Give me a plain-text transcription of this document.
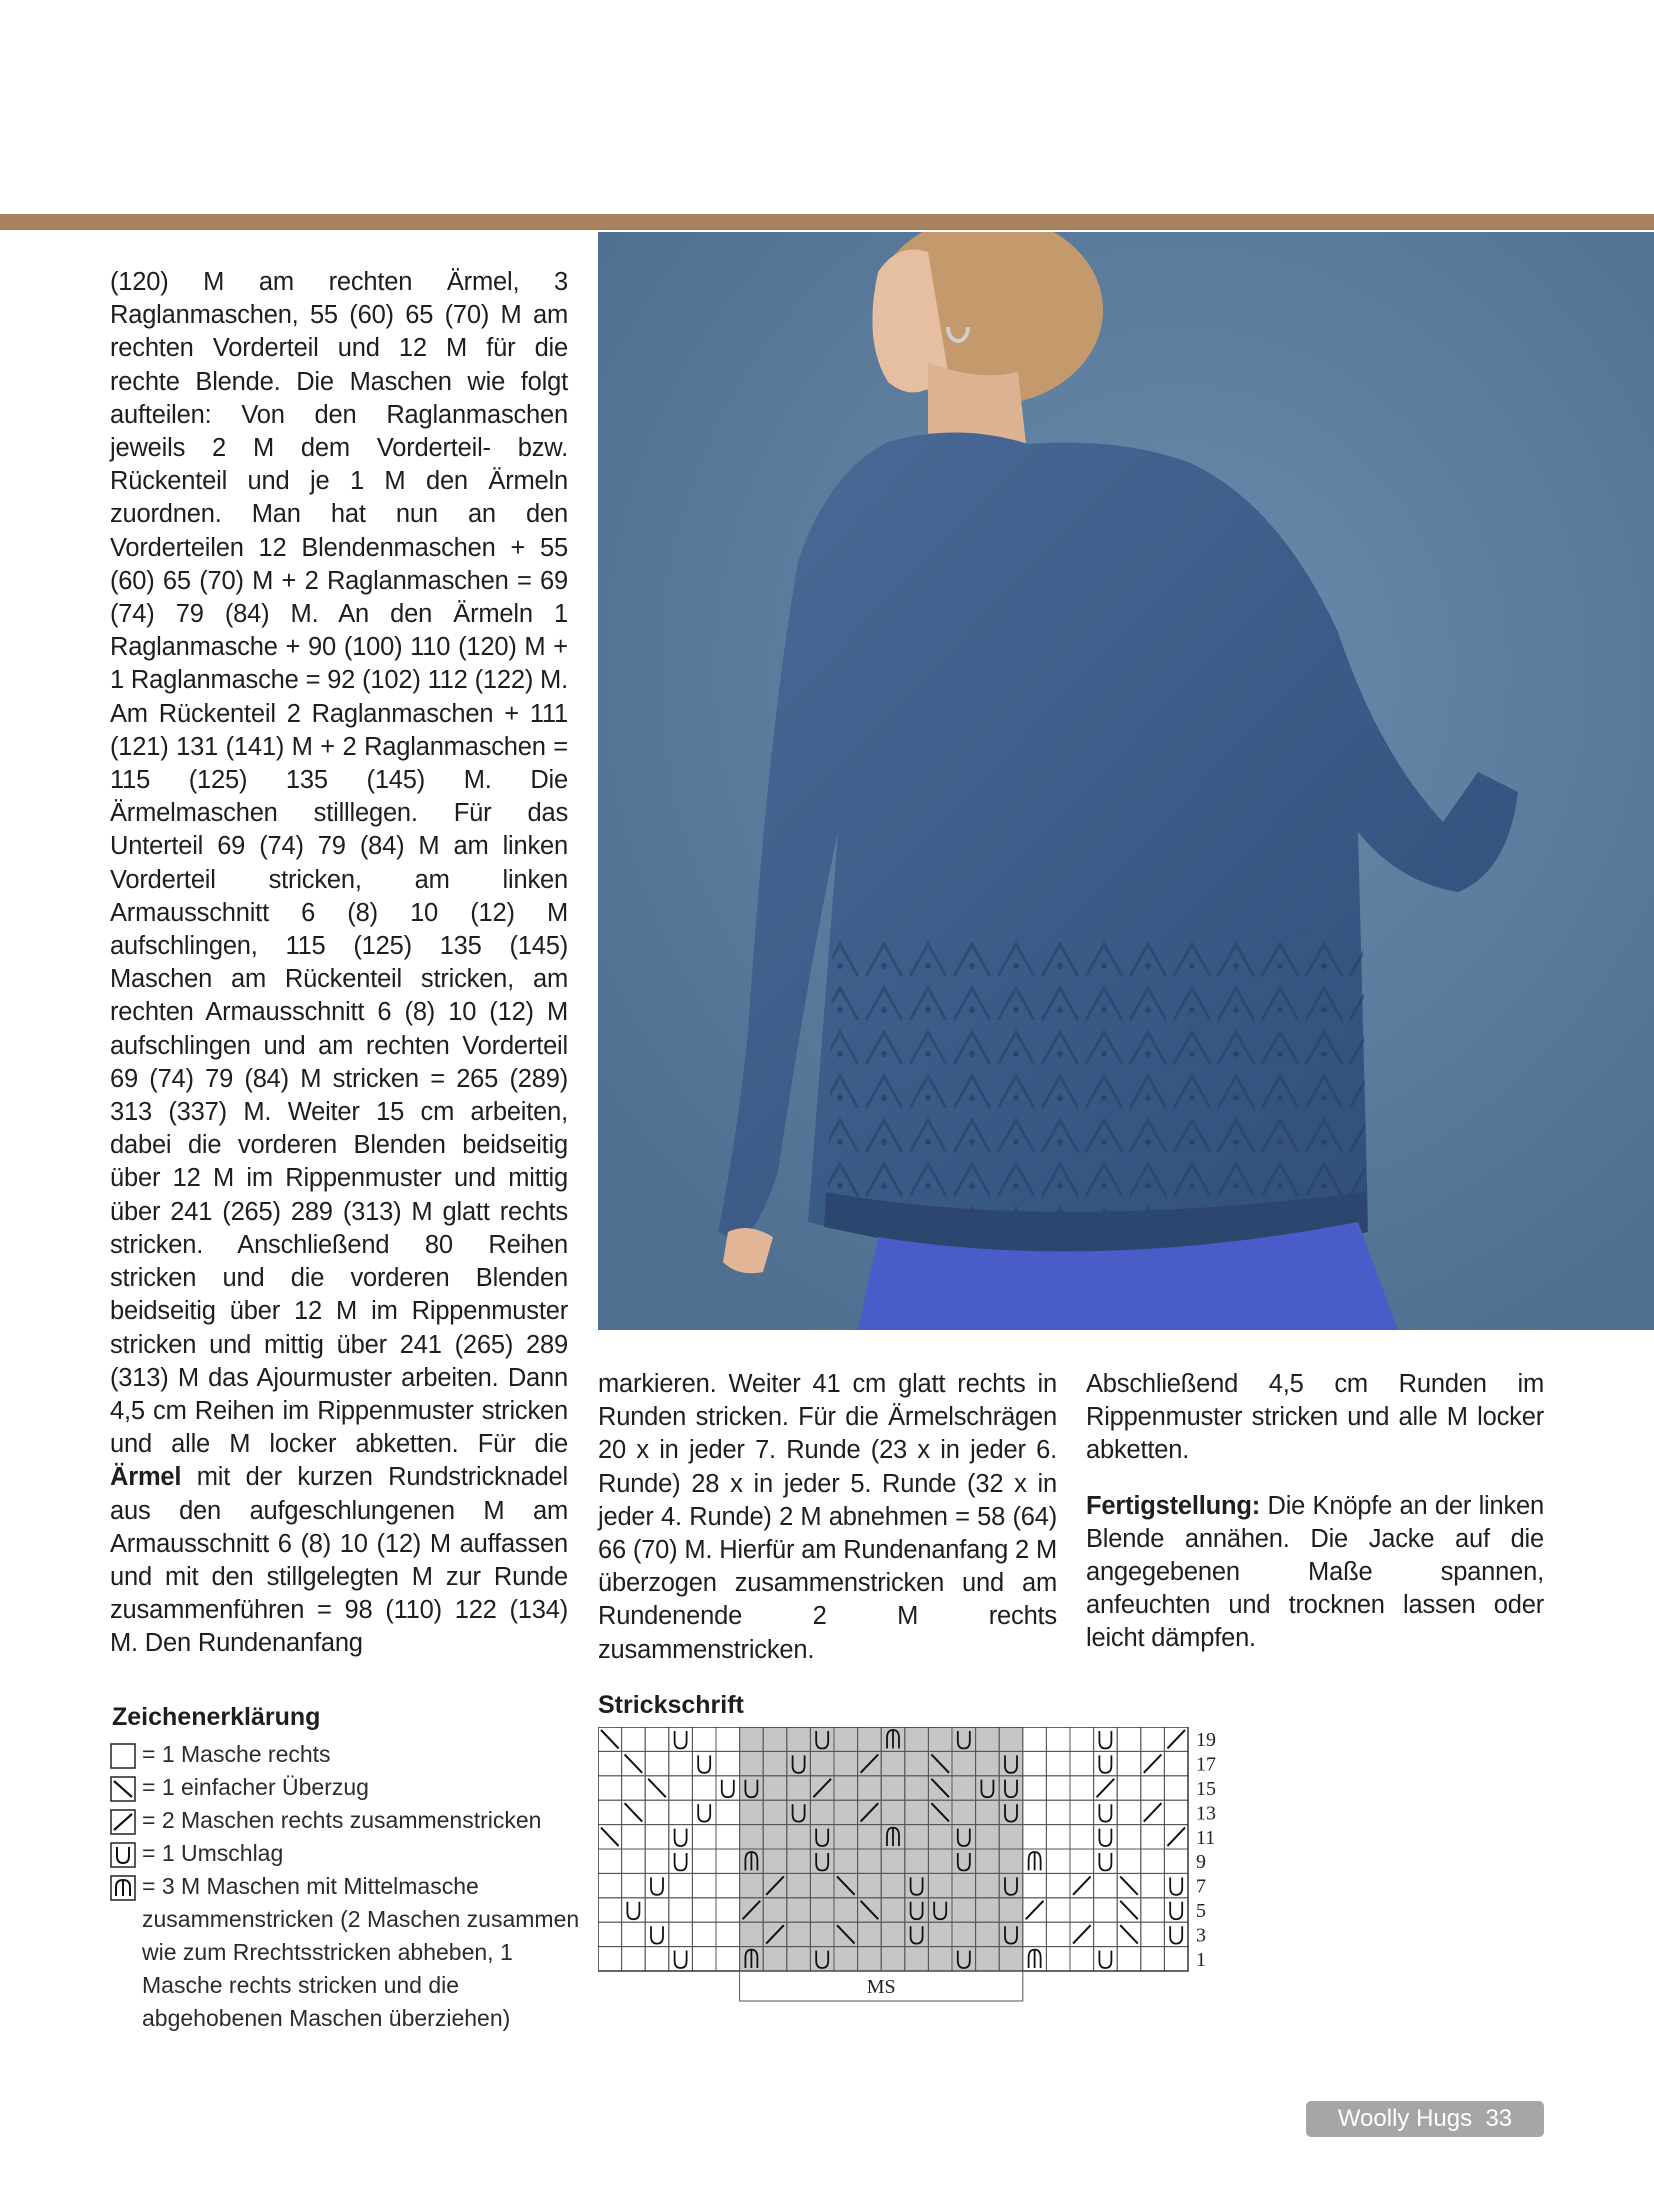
(120) M am rechten Ärmel, 3 Raglanmaschen, 55 (60) 65 (70) M am rechten Vorderteil und 12 M für die rechte Blende. Die Maschen wie folgt aufteilen: Von den Raglanmaschen jeweils 2 M dem Vorderteil- bzw. Rückenteil und je 1 M den Ärmeln zuordnen. Man hat nun an den Vorderteilen 12 Blendenmaschen + 55 (60) 65 (70) M + 2 Raglanmaschen = 69 (74) 79 (84) M. An den Ärmeln 1 Raglanmasche + 90 (100) 110 (120) M + 1 Raglanmasche = 92 (102) 112 (122) M. Am Rückenteil 2 Raglanmaschen + 111 (121) 131 (141) M + 2 Raglanmaschen = 115 (125) 135 (145) M. Die Ärmelmaschen stilllegen. Für das Unterteil 69 (74) 79 (84) M am linken Vorderteil stricken, am linken Armausschnitt 6 (8) 10 (12) M aufschlingen, 115 (125) 135 (145) Maschen am Rückenteil stricken, am rechten Armausschnitt 6 (8) 10 (12) M aufschlingen und am rechten Vorderteil 69 (74) 79 (84) M stricken = 265 (289) 313 (337) M. Weiter 15 cm arbeiten, dabei die vorderen Blenden beidseitig über 12 M im Rippenmuster und mittig über 241 (265) 289 (313) M glatt rechts stricken. Anschließend 80 Reihen stricken und die vorderen Blenden beidseitig über 12 M im Rippenmuster stricken und mittig über 241 (265) 289 (313) M das Ajourmuster arbeiten. Dann 4,5 cm Reihen im Rippenmuster stricken und alle M locker abketten. Für die Ärmel mit der kurzen Rundstricknadel aus den aufgeschlungenen M am Armausschnitt 6 (8) 10 (12) M auffassen und mit den stillgelegten M zur Runde zusammenführen = 98 (110) 122 (134) M. Den Rundenanfang

markieren. Weiter 41 cm glatt rechts in Runden stricken. Für die Ärmelschrägen 20 x in jeder 7. Runde (23 x in jeder 6. Runde) 28 x in jeder 5. Runde (32 x in jeder 4. Runde) 2 M abnehmen = 58 (64) 66 (70) M. Hierfür am Rundenanfang 2 M überzogen zusammenstricken und am Rundenende 2 M rechts zusammenstricken.

Abschließend 4,5 cm Runden im Rippenmuster stricken und alle M locker abketten.

Fertigstellung: Die Knöpfe an der linken Blende annähen. Die Jacke auf die angegebenen Maße spannen, anfeuchten und trocknen lassen oder leicht dämpfen.

Zeichenerklärung
= 1 Masche rechts
= 1 einfacher Überzug
= 2 Maschen rechts zusammenstricken
= 1 Umschlag
= 3 M Maschen mit Mittelmasche zusammenstricken (2 Maschen zusammen wie zum Rrechtsstricken abheben, 1 Masche rechts stricken und die abgehobenen Maschen überziehen)
Strickschrift
19
17
15
13
11
9
7
5
3
1
MS
Woolly Hugs 33
